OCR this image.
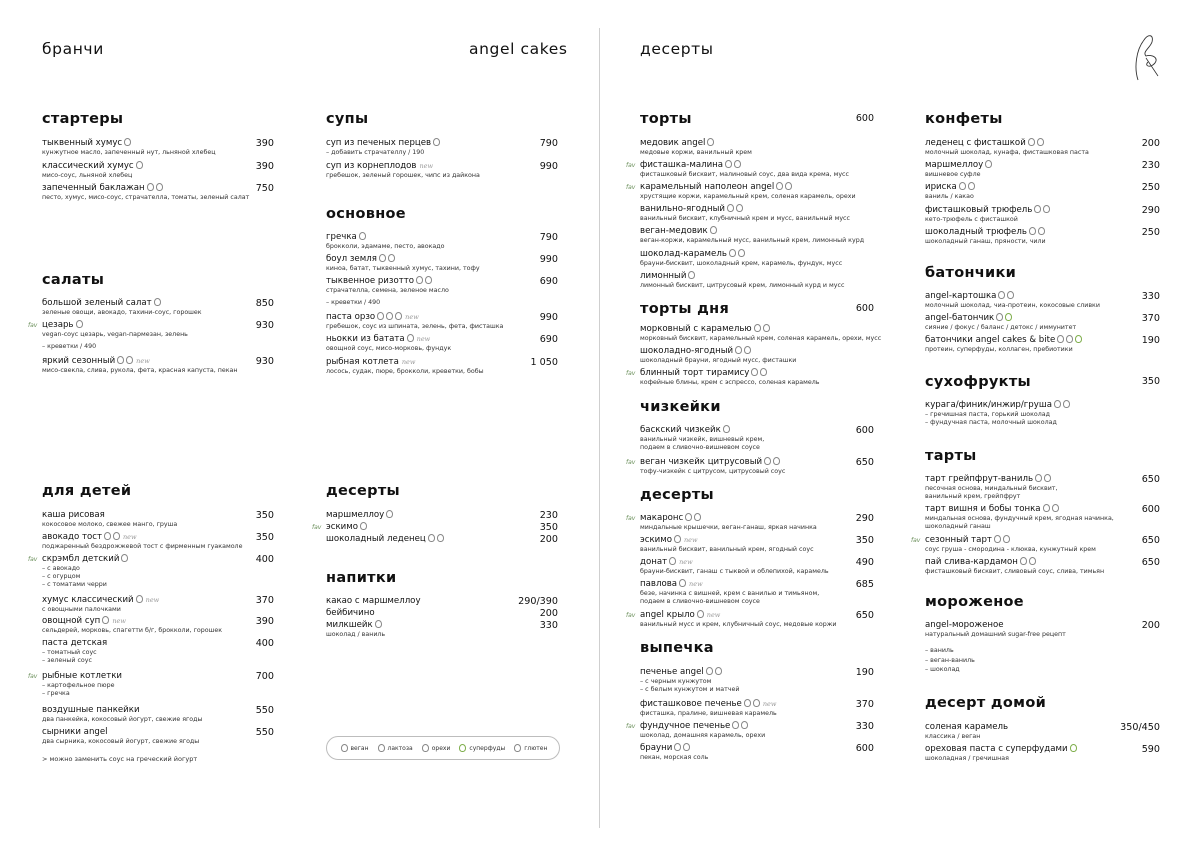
бранчи	angel cakes	десерты
стартеры
тыквенный хумус	390
кунжутное масло, запеченный нут, льняной хлебец
классический хумус	390
мисо-соус, льняной хлебец
запеченный баклажан	750
песто, хумус, мисо-соус, страчателла, томаты, зеленый салат
салаты
большой зеленый салат	850
зеленые овощи, авокадо, тахини-соус, горошек
fav цезарь	930
vegan-соус цезарь, vegan-пармезан, зелень
– креветки / 490
яркий сезонный	new	930
мисо-свекла, слива, рукола, фета, красная капуста, пекан
для детей
каша рисовая	350
кокосовое молоко, свежее манго, груша
авокадо тост	new	350
поджаренный бездрожжевой тост с фирменным гуакамоле
fav скрэмбл детский	400
– с авокадо
– с огурцом
– с томатами черри
хумус классический new	370
с овощными палочками
овощной суп new	390
сельдерей, морковь, спагетти б/г, брокколи, горошек
паста детская	400
– томатный соус
– зеленый соус
fav рыбные котлетки	700
– картофельное пюре
– гречка
воздушные панкейки	550
два панкейка, кокосовый йогурт, свежие ягоды
сырники angel	550
два сырника, кокосовый йогурт, свежие ягоды
> можно заменить соус на греческий йогурт
супы
суп из печеных перцев	790
– добавить страчателлу / 190
суп из корнеплодов new	990
гребешок, зеленый горошек, чипс из дайкона
основное
гречка	790
брокколи, эдамаме, песто, авокадо
боул земля	990
киноа, батат, тыквенный хумус, тахини, тофу
тыквенное ризотто	690
страчателла, семена, зеленое масло
– креветки / 490
паста орзо	new	990
гребешок, соус из шпината, зелень, фета, фисташка
ньокки из батата new	690
овощной соус, мисо-морковь, фундук
рыбная котлета new	1 050
лосось, судак, пюре, брокколи, креветки, бобы
десерты
маршмеллоу	230
fav эскимо	350
шоколадный леденец	200
напитки
какао с маршмеллоу	290/390
бейбичино	200
милкшейк	330
шоколад / ваниль
веган	лактоза	орехи	суперфуды	глютен
торты	600
медовик angel
медовые коржи, ванильный крем
fav фисташка-малина
фисташковый бисквит, малиновый соус, два вида крема, мусс
fav карамельный наполеон angel
хрустящие коржи, карамельный крем, соленая карамель, орехи
ванильно-ягодный
ванильный бисквит, клубничный крем и мусс, ванильный мусс
веган-медовик
веган-коржи, карамельный мусс, ванильный крем, лимонный курд
шоколад-карамель
брауни-бисквит, шоколадный крем, карамель, фундук, мусс
лимонный
лимонный бисквит, цитрусовый крем, лимонный курд и мусс
торты дня	600
морковный с карамелью
морковный бисквит, карамельный крем, соленая карамель, орехи, мусс
шоколадно-ягодный
шоколадный брауни, ягодный мусс, фисташки
fav блинный торт тирамису
кофейные блины, крем с эспрессо, соленая карамель
чизкейки
баскский чизкейк	600
ванильный чизкейк, вишневый крем,
подаем в сливочно-вишневом соусе
fav веган чизкейк цитрусовый	650
тофу-чизкейк с цитрусом, цитрусовый соус
десерты
fav макаронс	290
миндальные крышечки, веган-ганаш, яркая начинка
эскимо new	350
ванильный бисквит, ванильный крем, ягодный соус
донат new	490
брауни-бисквит, ганаш с тыквой и облепихой, карамель
павлова new	685
безе, начинка с вишней, крем с ванилью и тимьяном,
подаем в сливочно-вишневом соусе
fav angel крыло new	650
ванильный мусс и крем, клубничный соус, медовые коржи
выпечка
печенье angel	190
– с черным кунжутом
– с белым кунжутом и матчей
фисташковое печенье	new	370
фисташка, пралине, вишневая карамель
fav фундучное печенье	330
шоколад, домашняя карамель, орехи
брауни	600
пекан, морская соль
конфеты
леденец с фисташкой	200
молочный шоколад, кунафа, фисташковая паста
маршмеллоу	230
вишневое суфле
ириска	250
ваниль / какао
фисташковый трюфель	290
кето-трюфель с фисташкой
шоколадный трюфель	250
шоколадный ганаш, пряности, чили
батончики
angel-картошка	330
молочный шоколад, чиа-протеин, кокосовые сливки
angel-батончик	370
сияние / фокус / баланс / детокс / иммунитет
батончики angel cakes & bite	190
протеин, суперфуды, коллаген, пребиотики
сухофрукты	350
курага/финик/инжир/груша
– гречишная паста, горький шоколад
– фундучная паста, молочный шоколад
тарты
тарт грейпфрут-ваниль	650
песочная основа, миндальный бисквит,
ванильный крем, грейпфрут
тарт вишня и бобы тонка	600
миндальная основа, фундучный крем, ягодная начинка,
шоколадный ганаш
fav сезонный тарт	650
соус груша - смородина - клюква, кунжутный крем
пай слива-кардамон	650
фисташковый бисквит, сливовый соус, слива, тимьян
мороженое
angel-мороженое	200
натуральный домашний sugar-free рецепт
– ваниль
– веган-ваниль
– шоколад
десерт домой
соленая карамель	350/450
классика / веган
ореховая паста с суперфудами	590
шоколадная / гречишная
